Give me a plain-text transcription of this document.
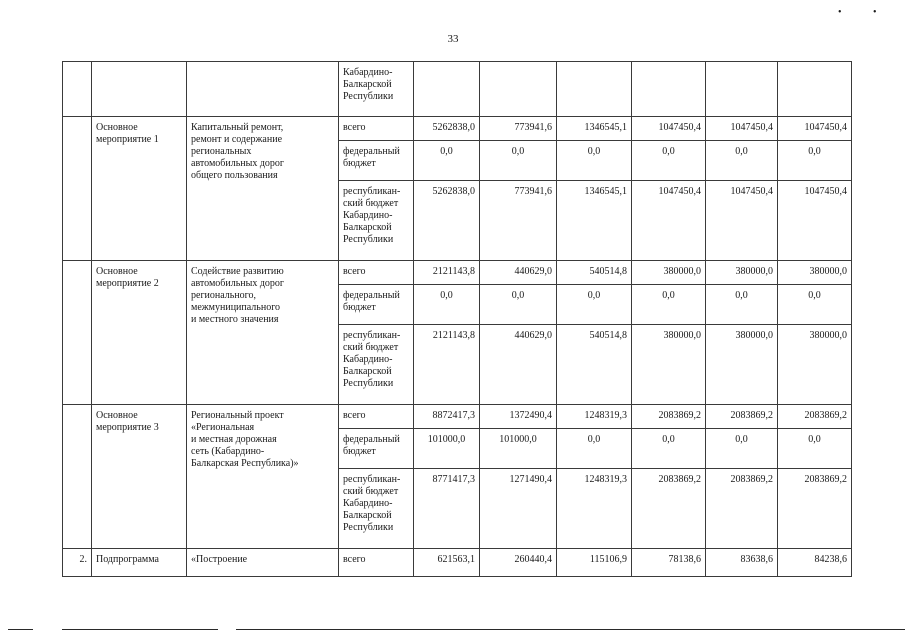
•	•
33
			Кабардино-
Балкарской
Республики						
	Основное
мероприятие 1	Капитальный ремонт,
ремонт и содержание
региональных
автомобильных дорог
общего пользования	всего	5262838,0	773941,6	1346545,1	1047450,4	1047450,4	1047450,4
			федеральный
бюджет	0,0	0,0	0,0	0,0	0,0	0,0
			республикан-
ский бюджет
Кабардино-
Балкарской
Республики	5262838,0	773941,6	1346545,1	1047450,4	1047450,4	1047450,4
	Основное
мероприятие 2	Содействие развитию
автомобильных дорог
регионального,
межмуниципального
и местного значения	всего	2121143,8	440629,0	540514,8	380000,0	380000,0	380000,0
			федеральный
бюджет	0,0	0,0	0,0	0,0	0,0	0,0
			республикан-
ский бюджет
Кабардино-
Балкарской
Республики	2121143,8	440629,0	540514,8	380000,0	380000,0	380000,0
	Основное
мероприятие 3	Региональный проект
«Региональная
и местная дорожная
сеть (Кабардино-
Балкарская Республика)»	всего	8872417,3	1372490,4	1248319,3	2083869,2	2083869,2	2083869,2
			федеральный
бюджет	101000,0	101000,0	0,0	0,0	0,0	0,0
			республикан-
ский бюджет
Кабардино-
Балкарской
Республики	8771417,3	1271490,4	1248319,3	2083869,2	2083869,2	2083869,2
2.	Подпрограмма	«Построение	всего	621563,1	260440,4	115106,9	78138,6	83638,6	84238,6
